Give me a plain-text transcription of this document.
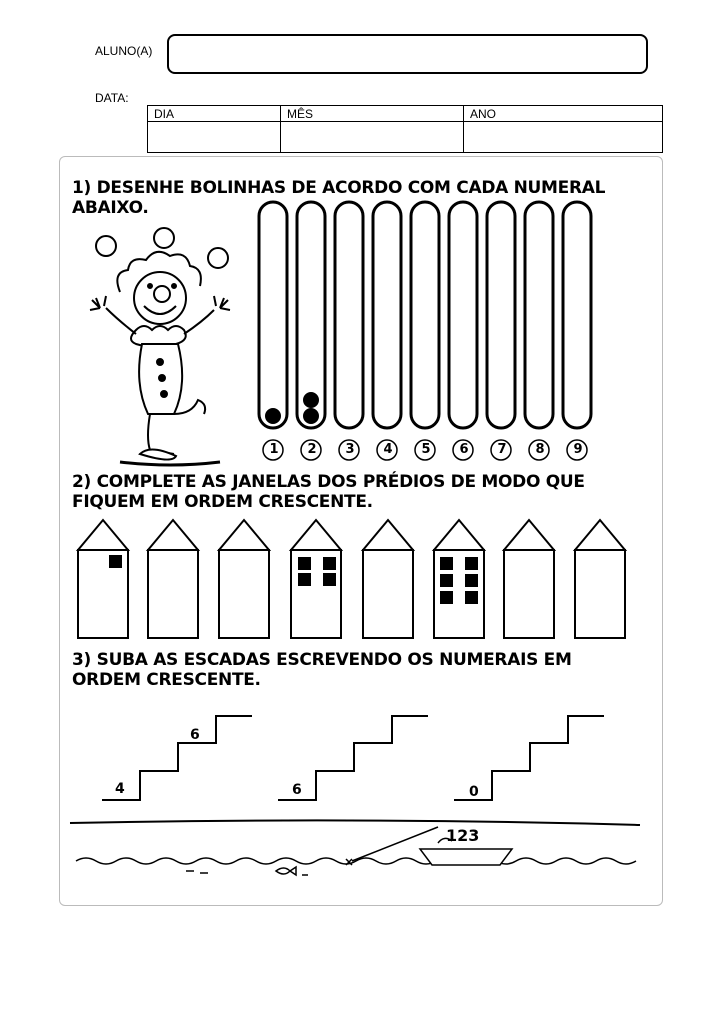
ALUNO(A)
DATA:
DIA	MÊS	ANO

1) DESENHE BOLINHAS DE ACORDO COM CADA NUMERAL ABAIXO.
1 2 3 4 5 6 7 8 9
2) COMPLETE AS JANELAS DOS PRÉDIOS DE MODO QUE FIQUEM EM ORDEM CRESCENTE.
3) SUBA AS ESCADAS ESCREVENDO OS NUMERAIS EM ORDEM CRESCENTE.
4
6
6	0
123
